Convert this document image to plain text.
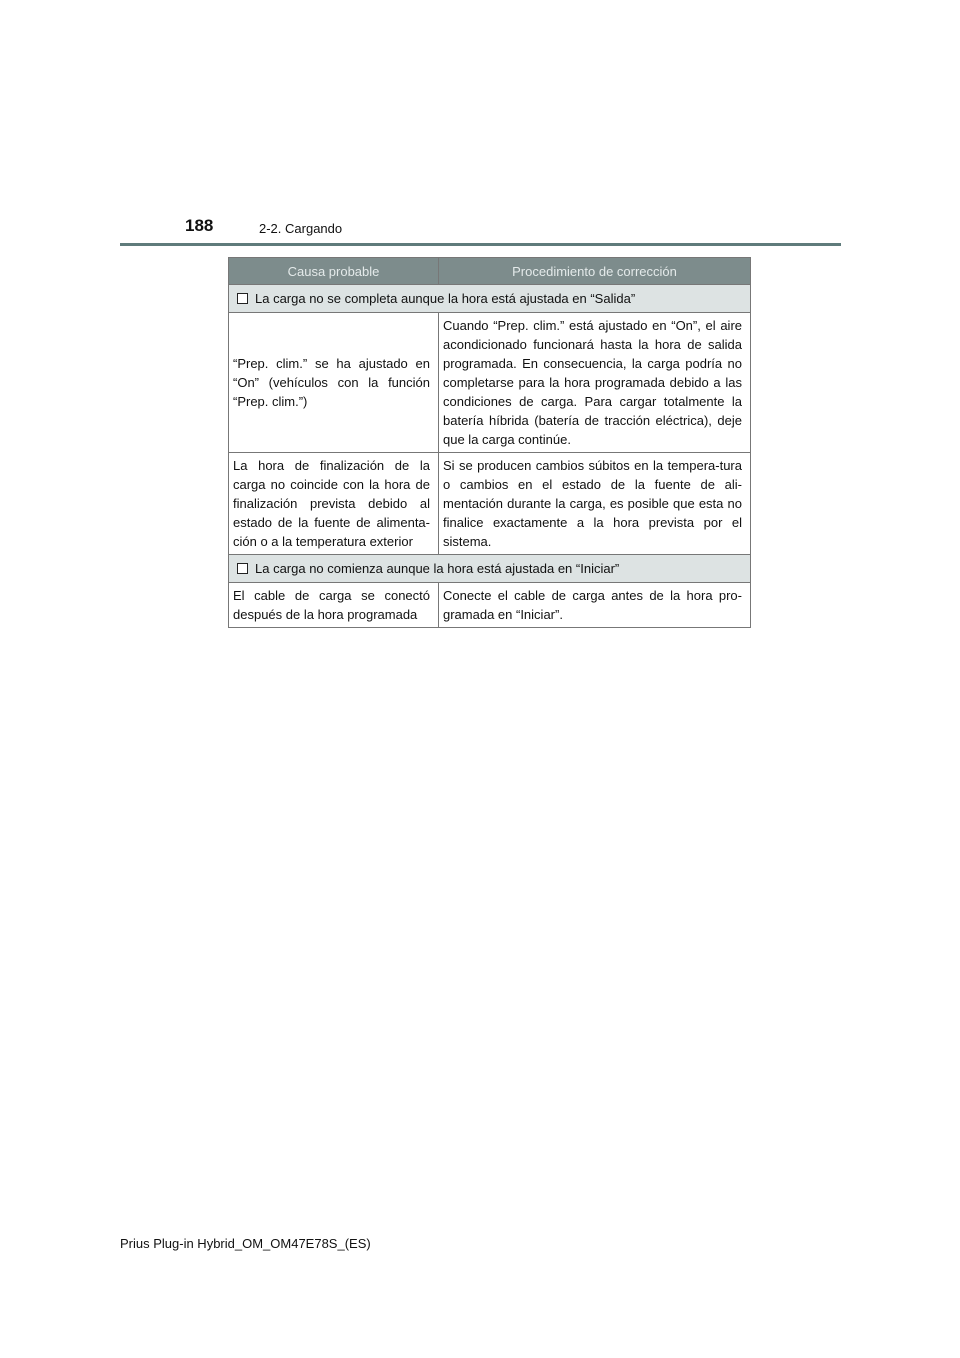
188	2-2. Cargando
Causa probable	Procedimiento de corrección
La carga no se completa aunque la hora está ajustada en “Salida”	
“Prep. clim.” se ha ajustado en “On” (vehículos con la función “Prep. clim.”)	Cuando “Prep. clim.” está ajustado en “On”, el aire acondicionado funcionará hasta la hora de salida programada. En consecuencia, la carga podría no completarse para la hora programada debido a las condiciones de carga. Para cargar totalmente la batería híbrida (batería de tracción eléctrica), deje que la carga continúe.
La hora de finalización de la carga no coincide con la hora de finalización prevista debido al estado de la fuente de alimenta-ción o a la temperatura exterior	Si se producen cambios súbitos en la tempera-tura o cambios en el estado de la fuente de ali-mentación durante la carga, es posible que esta no finalice exactamente a la hora prevista por el sistema.
La carga no comienza aunque la hora está ajustada en “Iniciar”	
El cable de carga se conectó después de la hora programada	Conecte el cable de carga antes de la hora pro-gramada en “Iniciar”.
Prius Plug-in Hybrid_OM_OM47E78S_(ES)
